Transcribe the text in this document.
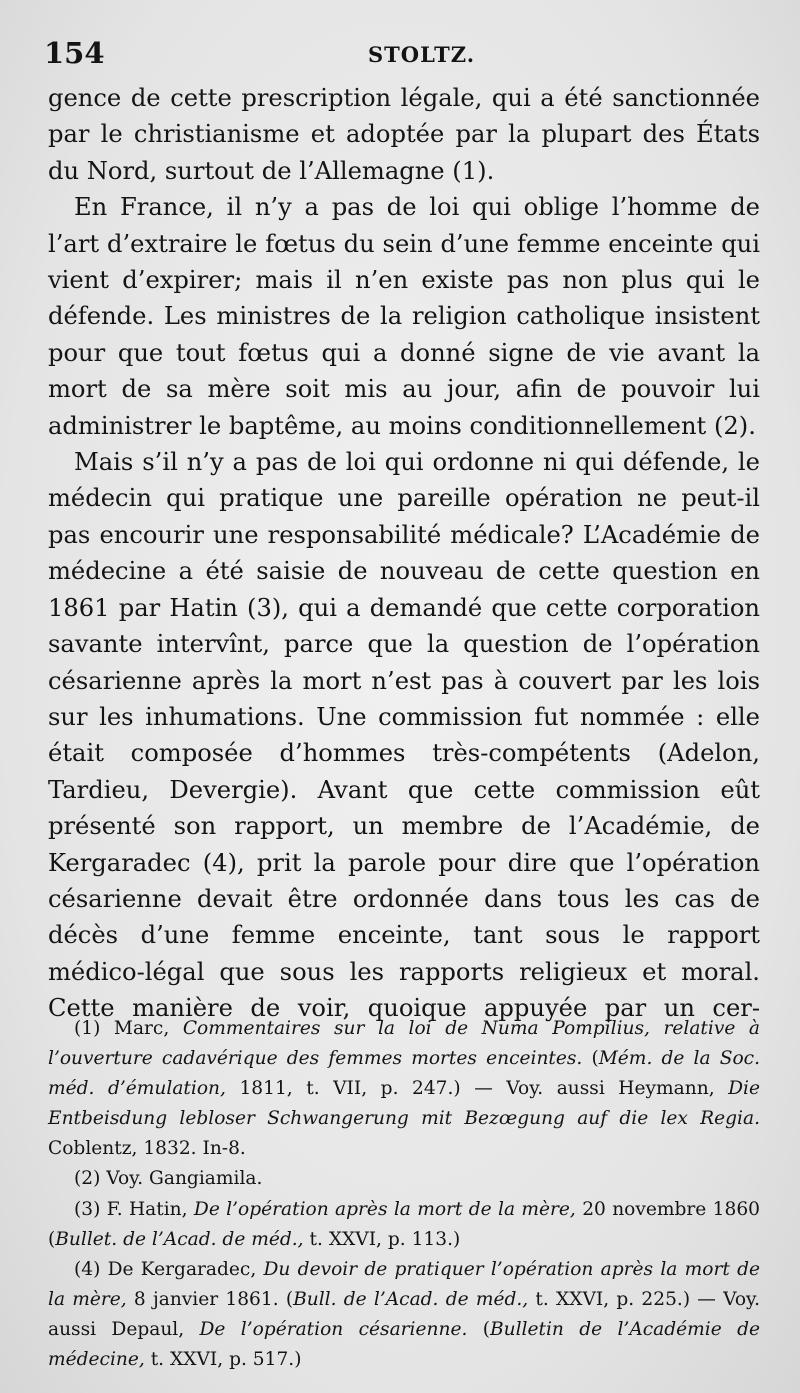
154	STOLTZ.

gence de cette prescription légale, qui a été sanctionnée par le christianisme et adoptée par la plupart des États du Nord, surtout de l’Allemagne (1).

En France, il n’y a pas de loi qui oblige l’homme de l’art d’extraire le fœtus du sein d’une femme enceinte qui vient d’expirer; mais il n’en existe pas non plus qui le défende. Les ministres de la religion catholique insistent pour que tout fœtus qui a donné signe de vie avant la mort de sa mère soit mis au jour, afin de pouvoir lui administrer le baptême, au moins conditionnellement (2).

Mais s’il n’y a pas de loi qui ordonne ni qui défende, le médecin qui pratique une pareille opération ne peut-il pas encourir une responsabilité médicale? L’Académie de médecine a été saisie de nouveau de cette question en 1861 par Hatin (3), qui a demandé que cette corporation savante intervînt, parce que la question de l’opération césarienne après la mort n’est pas à couvert par les lois sur les inhumations. Une commission fut nommée : elle était composée d’hommes très-compétents (Adelon, Tardieu, Devergie). Avant que cette commission eût présenté son rapport, un membre de l’Académie, de Kergaradec (4), prit la parole pour dire que l’opération césarienne devait être ordonnée dans tous les cas de décès d’une femme enceinte, tant sous le rapport médico-légal que sous les rapports religieux et moral. Cette manière de voir, quoique appuyée par un cer-

(1) Marc, Commentaires sur la loi de Numa Pompilius, relative à l’ouverture cadavérique des femmes mortes enceintes. (Mém. de la Soc. méd. d’émulation, 1811, t. VII, p. 247.) — Voy. aussi Heymann, Die Entbeisdung lebloser Schwangerung mit Bezœgung auf die lex Regia. Coblentz, 1832. In-8.

(2) Voy. Gangiamila.

(3) F. Hatin, De l’opération après la mort de la mère, 20 novembre 1860 (Bullet. de l’Acad. de méd., t. XXVI, p. 113.)

(4) De Kergaradec, Du devoir de pratiquer l’opération après la mort de la mère, 8 janvier 1861. (Bull. de l’Acad. de méd., t. XXVI, p. 225.) — Voy. aussi Depaul, De l’opération césarienne. (Bulletin de l’Académie de médecine, t. XXVI, p. 517.)
